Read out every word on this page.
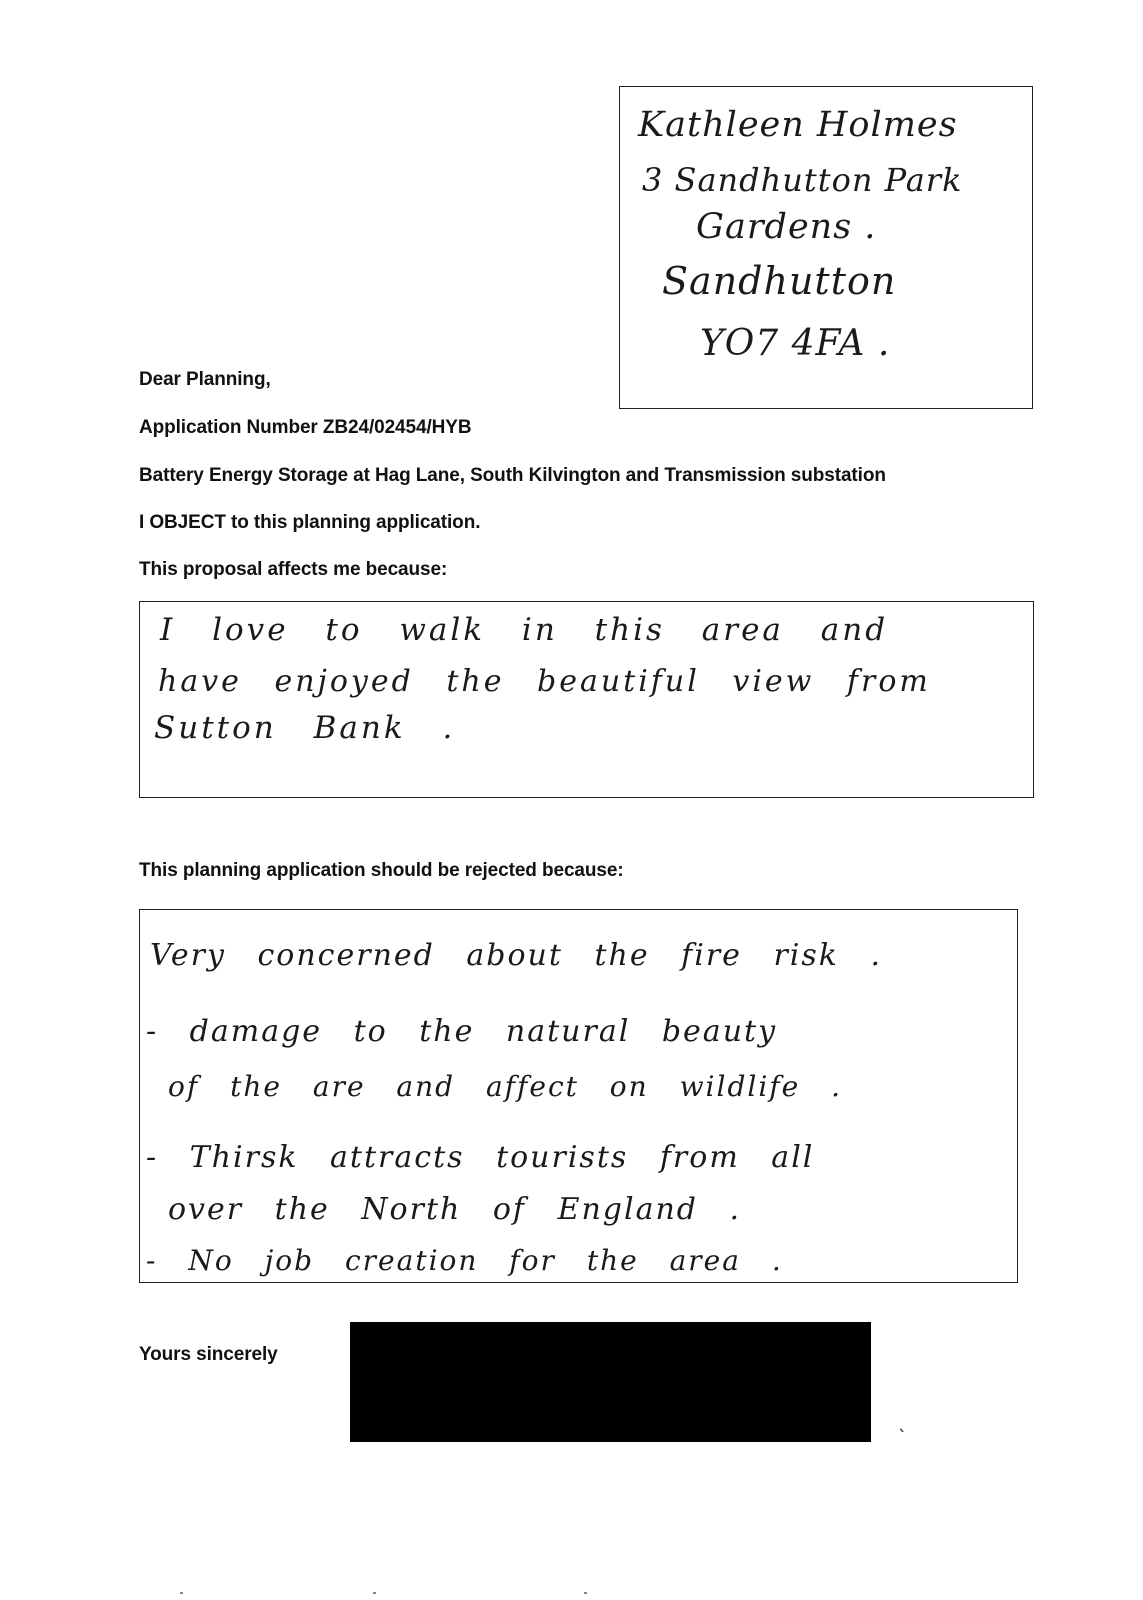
Kathleen Holmes
3 Sandhutton Park
Gardens .
Sandhutton
YO7 4FA .
Dear Planning,
Application Number ZB24/02454/HYB
Battery Energy Storage at Hag Lane, South Kilvington and Transmission substation
I OBJECT to this planning application.
This proposal affects me because:
I love to walk in this area and
have enjoyed the beautiful view from
Sutton Bank .
This planning application should be rejected because:
Very concerned about the fire risk .
- damage to the natural beauty
of the are and affect on wildlife .
- Thirsk attracts tourists from all
over the North of England .
- No job creation for the area .
Yours sincerely
`
